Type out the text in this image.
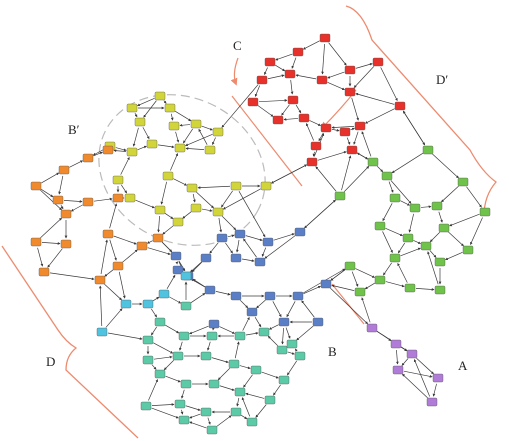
A
B
B′
C
D
D′
